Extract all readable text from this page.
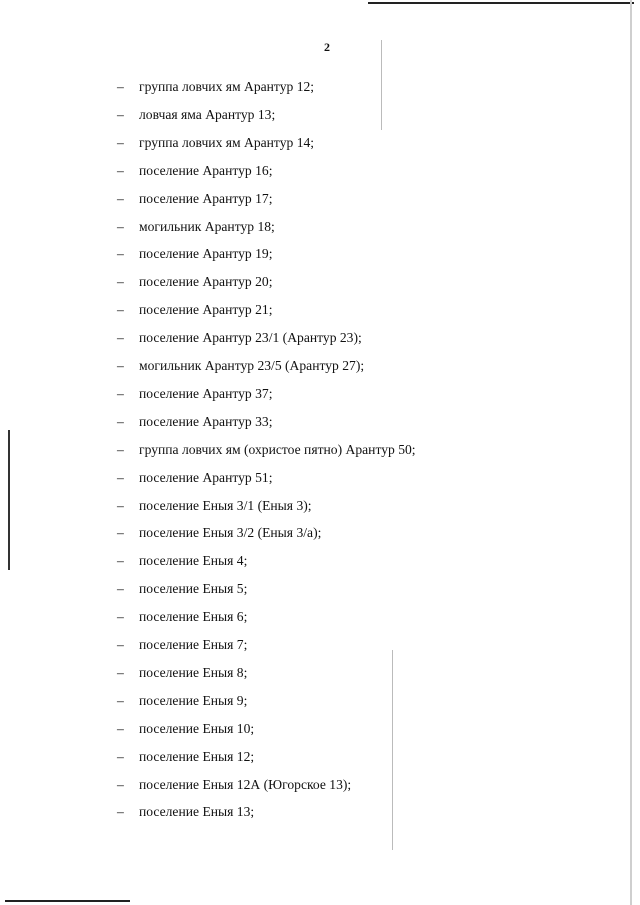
2
– группа ловчих ям Арантур 12;
– ловчая яма Арантур 13;
– группа ловчих ям Арантур 14;
– поселение Арантур 16;
– поселение Арантур 17;
– могильник Арантур 18;
– поселение Арантур 19;
– поселение Арантур 20;
– поселение Арантур 21;
– поселение Арантур 23/1 (Арантур 23);
– могильник Арантур 23/5 (Арантур 27);
– поселение Арантур 37;
– поселение Арантур 33;
– группа ловчих ям (охристое пятно) Арантур 50;
– поселение Арантур 51;
– поселение Еныя 3/1 (Еныя 3);
– поселение Еныя 3/2 (Еныя 3/а);
– поселение Еныя 4;
– поселение Еныя 5;
– поселение Еныя 6;
– поселение Еныя 7;
– поселение Еныя 8;
– поселение Еныя 9;
– поселение Еныя 10;
– поселение Еныя 12;
– поселение Еныя 12А (Югорское 13);
– поселение Еныя 13;
